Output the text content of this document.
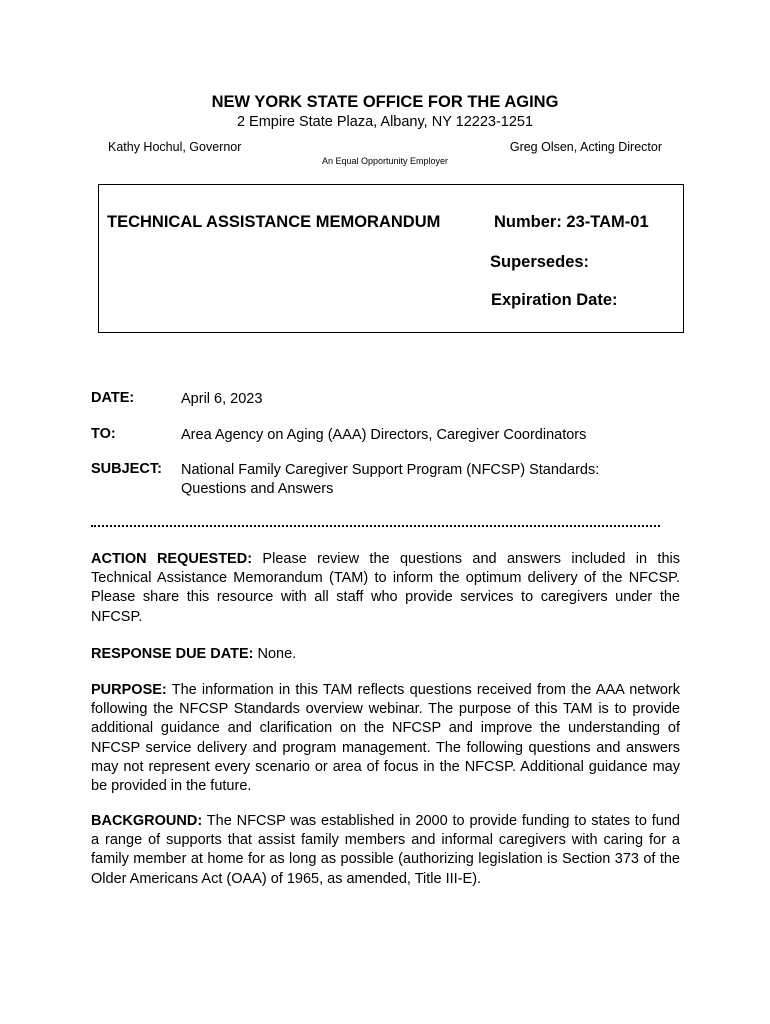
NEW YORK STATE OFFICE FOR THE AGING
2 Empire State Plaza, Albany, NY 12223-1251
Kathy Hochul, Governor	Greg Olsen, Acting Director
An Equal Opportunity Employer
TECHNICAL ASSISTANCE MEMORANDUM	Number: 23-TAM-01
Supersedes:
Expiration Date:
DATE:	April 6, 2023
TO:	Area Agency on Aging (AAA) Directors, Caregiver Coordinators
SUBJECT: National Family Caregiver Support Program (NFCSP) Standards:
Questions and Answers
ACTION REQUESTED: Please review the questions and answers included in this Technical Assistance Memorandum (TAM) to inform the optimum delivery of the NFCSP. Please share this resource with all staff who provide services to caregivers under the NFCSP.
RESPONSE DUE DATE: None.
PURPOSE: The information in this TAM reflects questions received from the AAA network following the NFCSP Standards overview webinar. The purpose of this TAM is to provide additional guidance and clarification on the NFCSP and improve the understanding of NFCSP service delivery and program management. The following questions and answers may not represent every scenario or area of focus in the NFCSP. Additional guidance may be provided in the future.
BACKGROUND: The NFCSP was established in 2000 to provide funding to states to fund a range of supports that assist family members and informal caregivers with caring for a family member at home for as long as possible (authorizing legislation is Section 373 of the Older Americans Act (OAA) of 1965, as amended, Title III-E).
